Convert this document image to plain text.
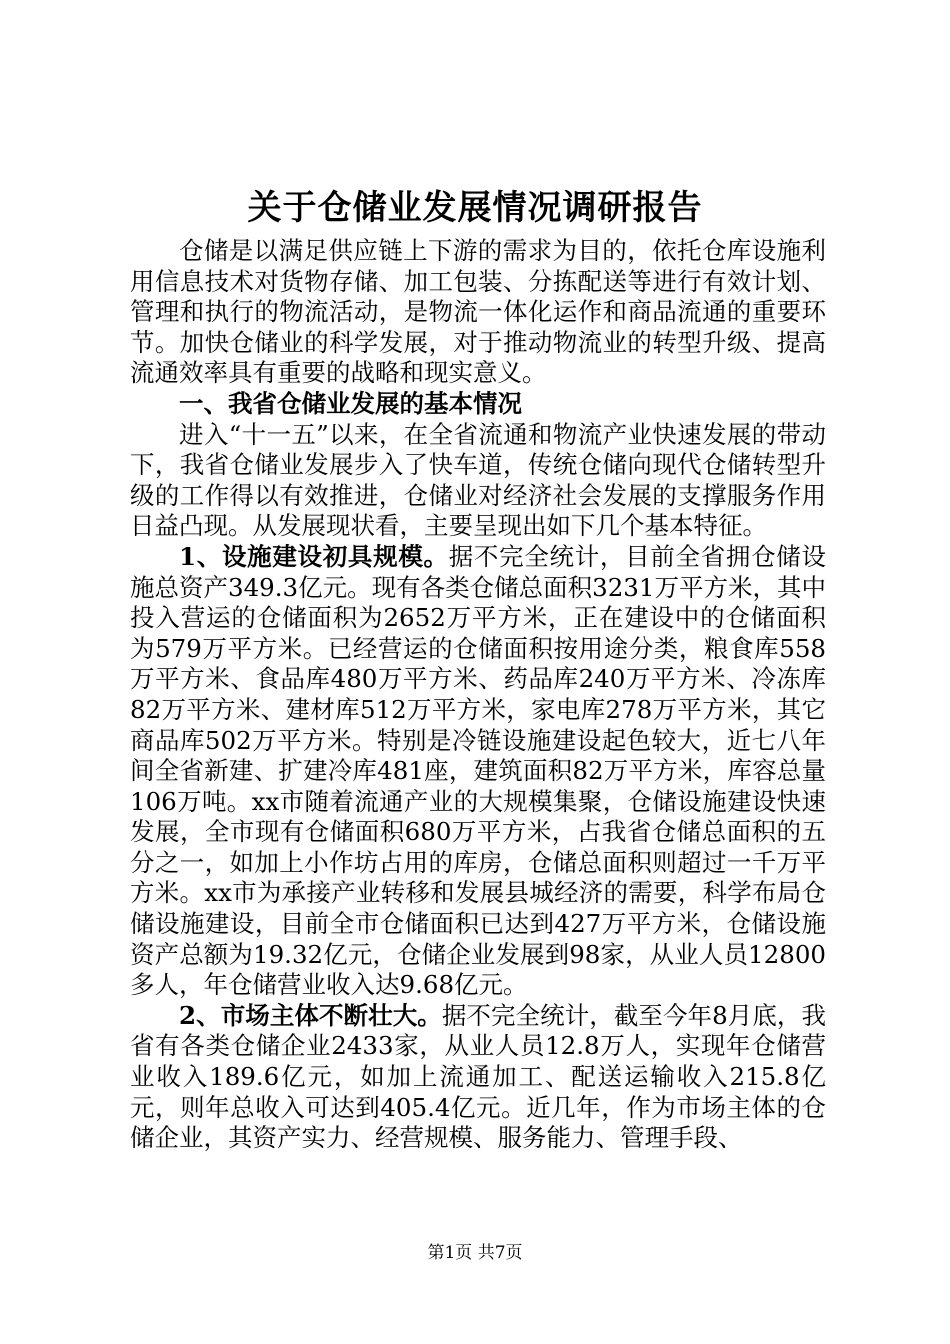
关于仓储业发展情况调研报告

仓储是以满足供应链上下游的需求为目的，依托仓库设施利用信息技术对货物存储、加工包装、分拣配送等进行有效计划、管理和执行的物流活动，是物流一体化运作和商品流通的重要环节。加快仓储业的科学发展，对于推动物流业的转型升级、提高流通效率具有重要的战略和现实意义。

一、我省仓储业发展的基本情况

进入“十一五”以来，在全省流通和物流产业快速发展的带动下，我省仓储业发展步入了快车道，传统仓储向现代仓储转型升级的工作得以有效推进，仓储业对经济社会发展的支撑服务作用日益凸现。从发展现状看，主要呈现出如下几个基本特征。

1、设施建设初具规模。据不完全统计，目前全省拥仓储设施总资产349.3亿元。现有各类仓储总面积3231万平方米，其中投入营运的仓储面积为2652万平方米，正在建设中的仓储面积为579万平方米。已经营运的仓储面积按用途分类，粮食库558万平方米、食品库480万平方米、药品库240万平方米、冷冻库82万平方米、建材库512万平方米，家电库278万平方米，其它商品库502万平方米。特别是冷链设施建设起色较大，近七八年间全省新建、扩建冷库481座，建筑面积82万平方米，库容总量106万吨。xx市随着流通产业的大规模集聚，仓储设施建设快速发展，全市现有仓储面积680万平方米，占我省仓储总面积的五分之一，如加上小作坊占用的库房，仓储总面积则超过一千万平方米。xx市为承接产业转移和发展县城经济的需要，科学布局仓储设施建设，目前全市仓储面积已达到427万平方米，仓储设施资产总额为19.32亿元，仓储企业发展到98家，从业人员12800多人，年仓储营业收入达9.68亿元。

2、市场主体不断壮大。据不完全统计，截至今年8月底，我省有各类仓储企业2433家，从业人员12.8万人，实现年仓储营业收入189.6亿元，如加上流通加工、配送运输收入215.8亿元，则年总收入可达到405.4亿元。近几年，作为市场主体的仓储企业，其资产实力、经营规模、服务能力、管理手段、

第1页 共7页
